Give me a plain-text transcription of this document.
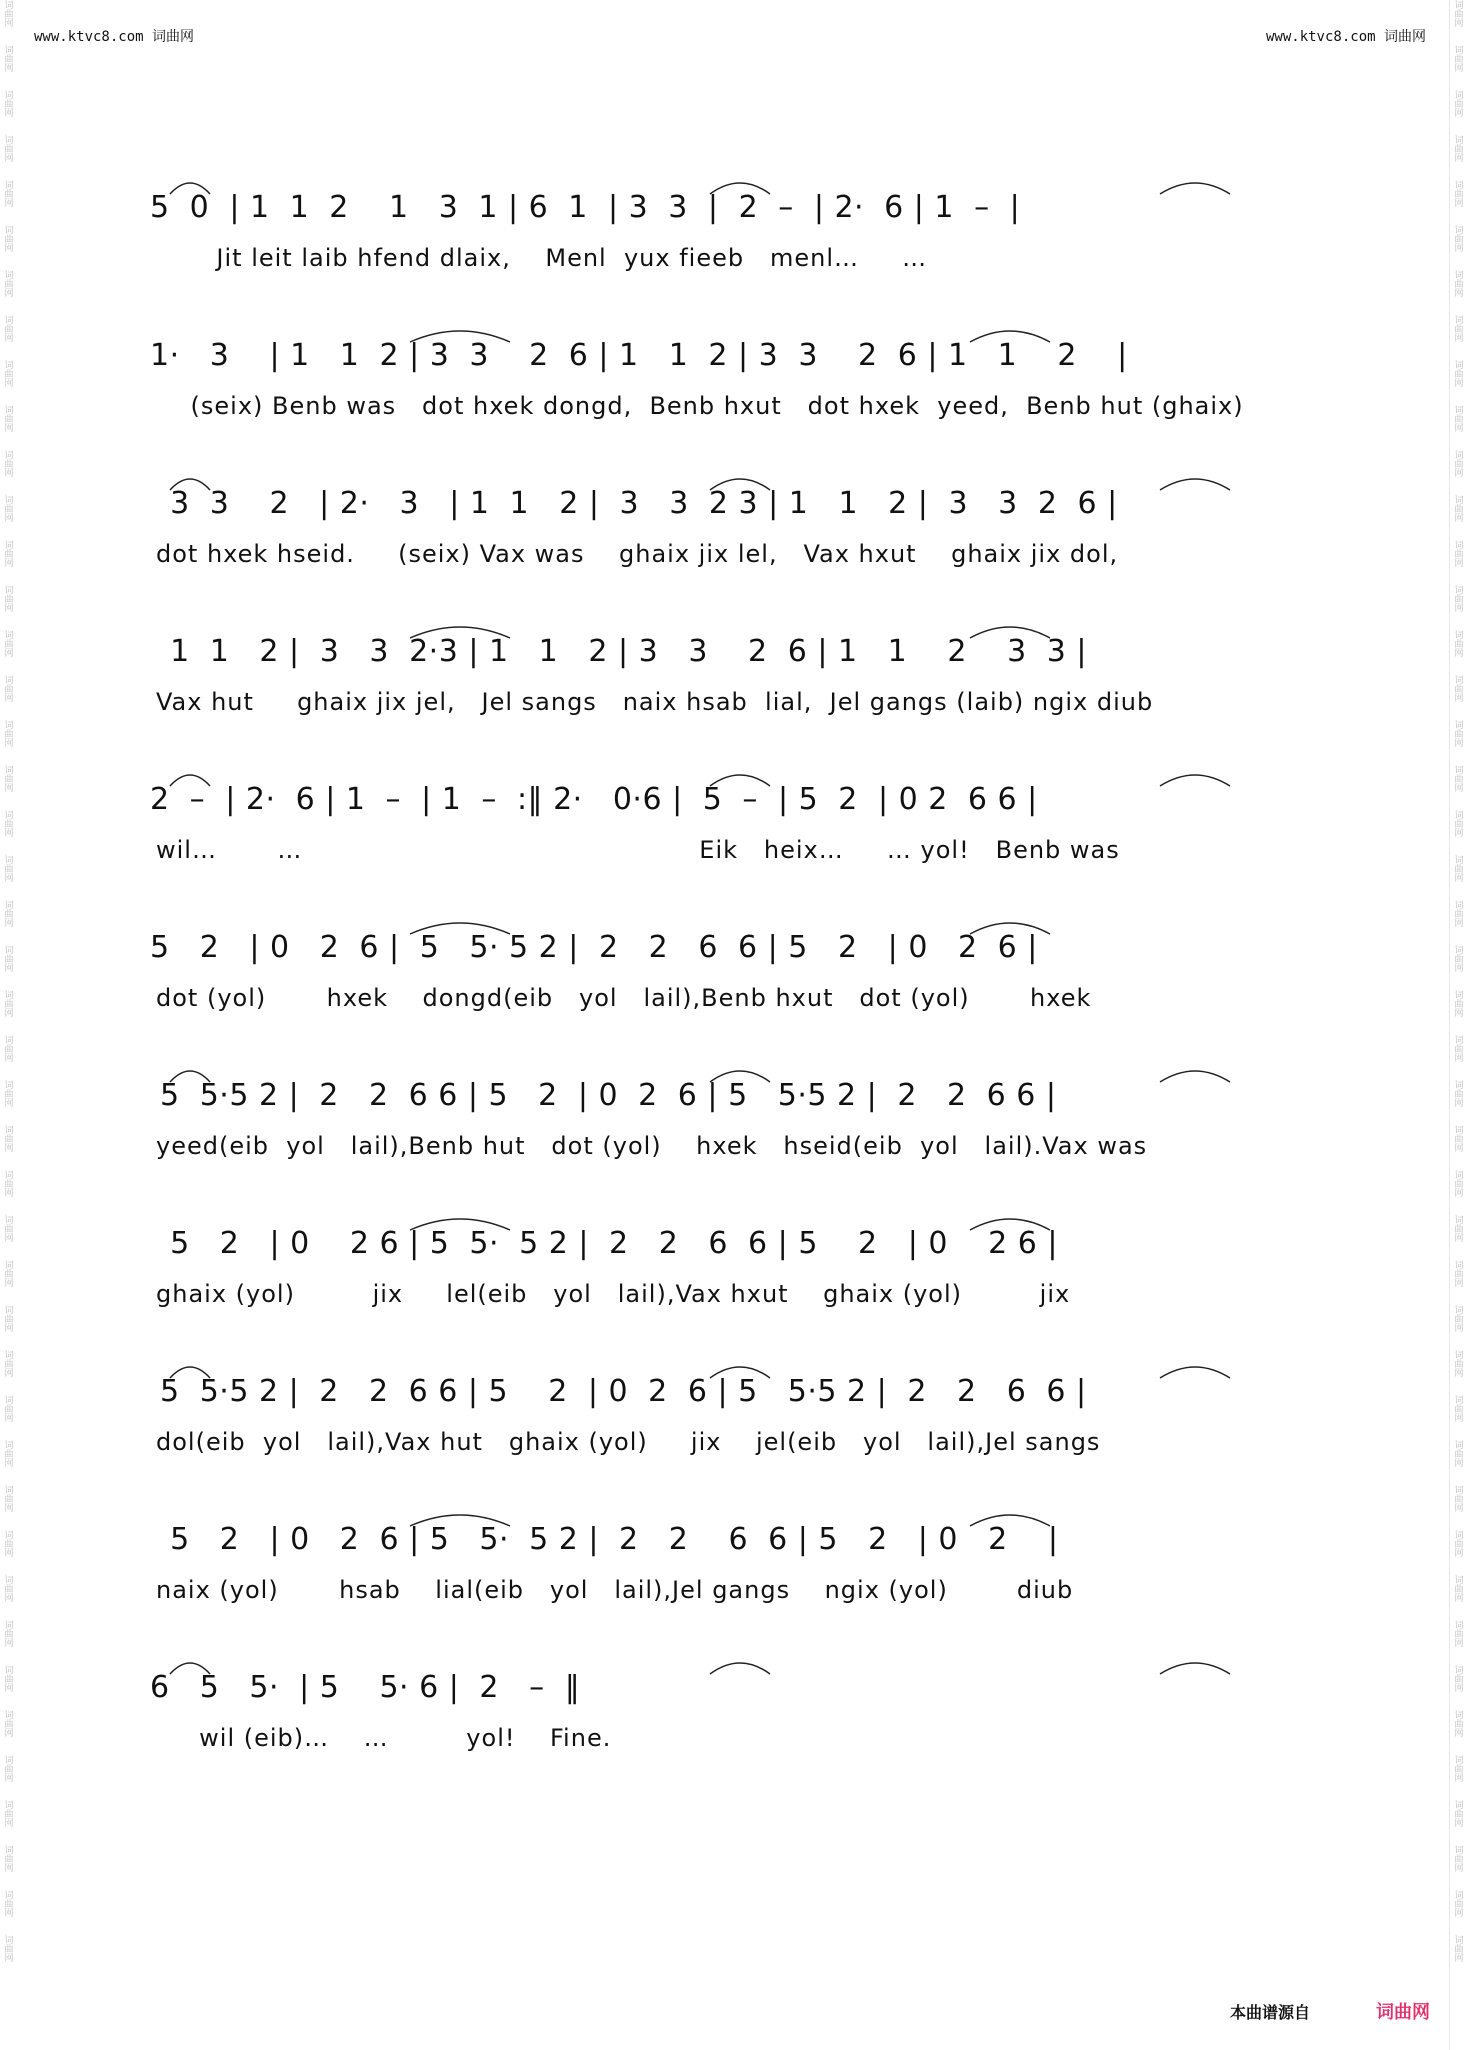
www.ktvc8.com 词曲网	www.ktvc8.com 词曲网
词曲网
词曲网
词曲网
词曲网
词曲网
词曲网
词曲网
词曲网
词曲网
词曲网
词曲网
词曲网
词曲网
词曲网
词曲网
词曲网
词曲网
词曲网
词曲网
词曲网
词曲网
词曲网
词曲网
词曲网
词曲网
词曲网
词曲网
词曲网
词曲网
词曲网
词曲网
词曲网
词曲网
词曲网
词曲网
词曲网
词曲网
词曲网
词曲网
词曲网
词曲网
词曲网
词曲网
词曲网
词曲网
词曲网
词曲网
词曲网
词曲网
词曲网
词曲网
词曲网
词曲网
词曲网
词曲网
词曲网
词曲网
词曲网
词曲网
词曲网
词曲网
词曲网
词曲网
词曲网
词曲网
词曲网
词曲网
词曲网
词曲网
词曲网
词曲网
词曲网
词曲网
词曲网
词曲网
词曲网
词曲网
词曲网
词曲网
词曲网
词曲网
词曲网
词曲网
词曲网
词曲网
词曲网
词曲网
词曲网
5  0  | 1  1  2    1   3  1 | 6  1  | 3  3  |  2  –  | 2·  6 | 1  –  |
Jit leit laib hfend dlaix,    Menl  yux fieeb   menl…     …
1·   3    | 1   1  2 | 3  3    2  6 | 1   1  2 | 3  3    2  6 | 1   1    2    |
(seix) Benb was   dot hxek dongd,  Benb hxut   dot hxek  yeed,  Benb hut (ghaix)
3  3    2   | 2·   3   | 1  1   2 |  3   3  2 3 | 1   1   2 |  3   3  2  6 |
dot hxek hseid.     (seix) Vax was    ghaix jix lel,   Vax hxut    ghaix jix dol,
1  1   2 |  3   3  2·3 | 1   1   2 | 3   3    2  6 | 1   1    2    3  3 |
Vax hut     ghaix jix jel,   Jel sangs   naix hsab  lial,  Jel gangs (laib) ngix diub
2  –  | 2·  6 | 1  –  | 1  –  :‖ 2·   0·6 |  5  –  | 5  2  | 0 2  6 6 |
wil…       …                                              Eik   heix…     … yol!   Benb was
5   2   | 0   2  6 |  5   5· 5 2 |  2   2   6  6 | 5   2   | 0   2  6 |
dot (yol)       hxek    dongd(eib   yol   lail),Benb hxut   dot (yol)       hxek
5  5·5 2 |  2   2  6 6 | 5   2  | 0  2  6 | 5   5·5 2 |  2   2  6 6 |
yeed(eib  yol   lail),Benb hut   dot (yol)    hxek   hseid(eib  yol   lail).Vax was
5   2   | 0    2 6 | 5  5·  5 2 |  2   2   6  6 | 5    2   | 0    2 6 |
ghaix (yol)         jix     lel(eib   yol   lail),Vax hxut    ghaix (yol)         jix
5  5·5 2 |  2   2  6 6 | 5    2  | 0  2  6 | 5   5·5 2 |  2   2   6  6 |
dol(eib  yol   lail),Vax hut   ghaix (yol)     jix    jel(eib   yol   lail),Jel sangs
5   2   | 0   2  6 | 5   5·  5 2 |  2   2    6  6 | 5   2   | 0   2    |
naix (yol)       hsab    lial(eib   yol   lail),Jel gangs    ngix (yol)        diub
6   5   5·  | 5    5· 6 |  2   –  ‖
wil (eib)…    …         yol!    Fine.
本曲谱源自	词曲网
